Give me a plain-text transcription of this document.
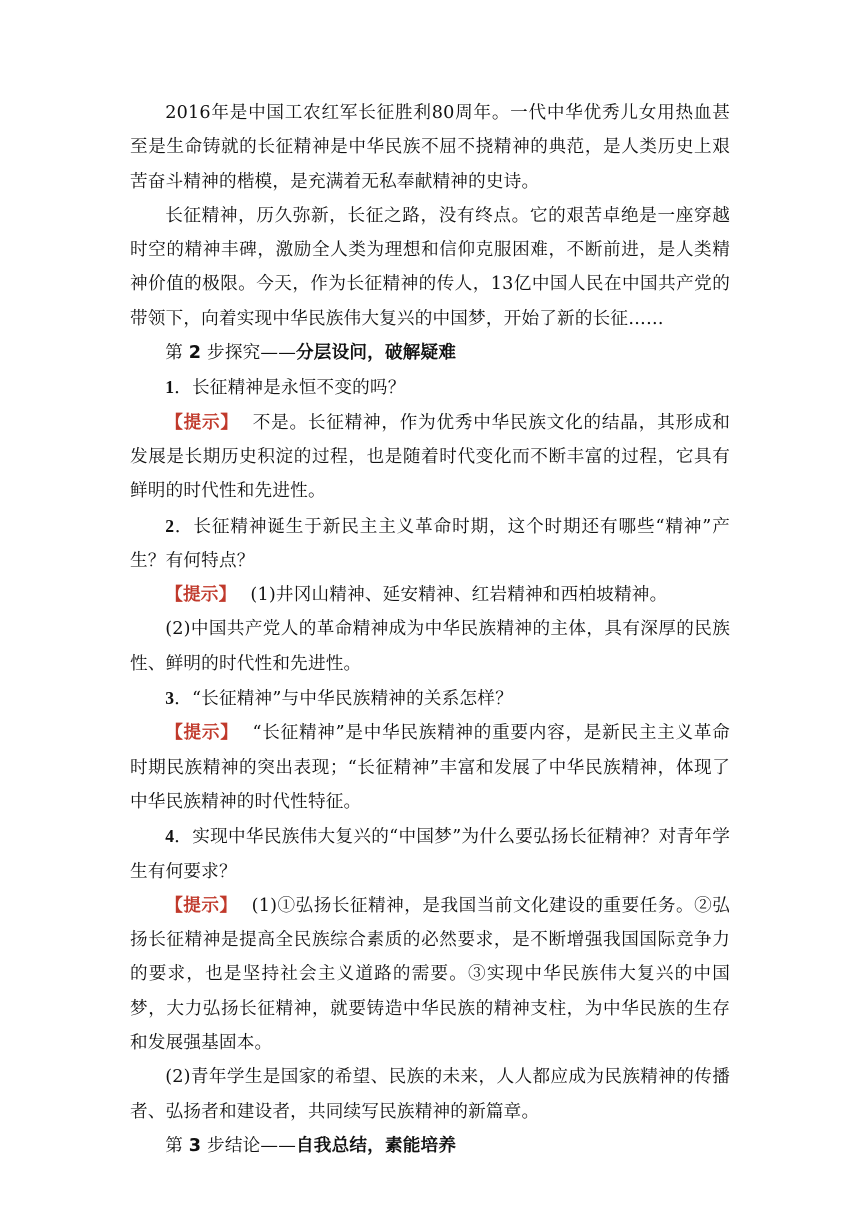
2016年是中国工农红军长征胜利80周年。一代中华优秀儿女用热血甚至是生命铸就的长征精神是中华民族不屈不挠精神的典范，是人类历史上艰苦奋斗精神的楷模，是充满着无私奉献精神的史诗。

长征精神，历久弥新，长征之路，没有终点。它的艰苦卓绝是一座穿越时空的精神丰碑，激励全人类为理想和信仰克服困难，不断前进，是人类精神价值的极限。今天，作为长征精神的传人，13亿中国人民在中国共产党的带领下，向着实现中华民族伟大复兴的中国梦，开始了新的长征……

第 2 步探究——分层设问，破解疑难

1．长征精神是永恒不变的吗？

【提示】 不是。长征精神，作为优秀中华民族文化的结晶，其形成和发展是长期历史积淀的过程，也是随着时代变化而不断丰富的过程，它具有鲜明的时代性和先进性。

2．长征精神诞生于新民主主义革命时期，这个时期还有哪些“精神”产生？有何特点？

【提示】 (1)井冈山精神、延安精神、红岩精神和西柏坡精神。

(2)中国共产党人的革命精神成为中华民族精神的主体，具有深厚的民族性、鲜明的时代性和先进性。

3．“长征精神”与中华民族精神的关系怎样？

【提示】 “长征精神”是中华民族精神的重要内容，是新民主主义革命时期民族精神的突出表现；“长征精神”丰富和发展了中华民族精神，体现了中华民族精神的时代性特征。

4．实现中华民族伟大复兴的“中国梦”为什么要弘扬长征精神？对青年学生有何要求？

【提示】 (1)①弘扬长征精神，是我国当前文化建设的重要任务。②弘扬长征精神是提高全民族综合素质的必然要求，是不断增强我国国际竞争力的要求，也是坚持社会主义道路的需要。③实现中华民族伟大复兴的中国梦，大力弘扬长征精神，就要铸造中华民族的精神支柱，为中华民族的生存和发展强基固本。

(2)青年学生是国家的希望、民族的未来，人人都应成为民族精神的传播者、弘扬者和建设者，共同续写民族精神的新篇章。

第 3 步结论——自我总结，素能培养
